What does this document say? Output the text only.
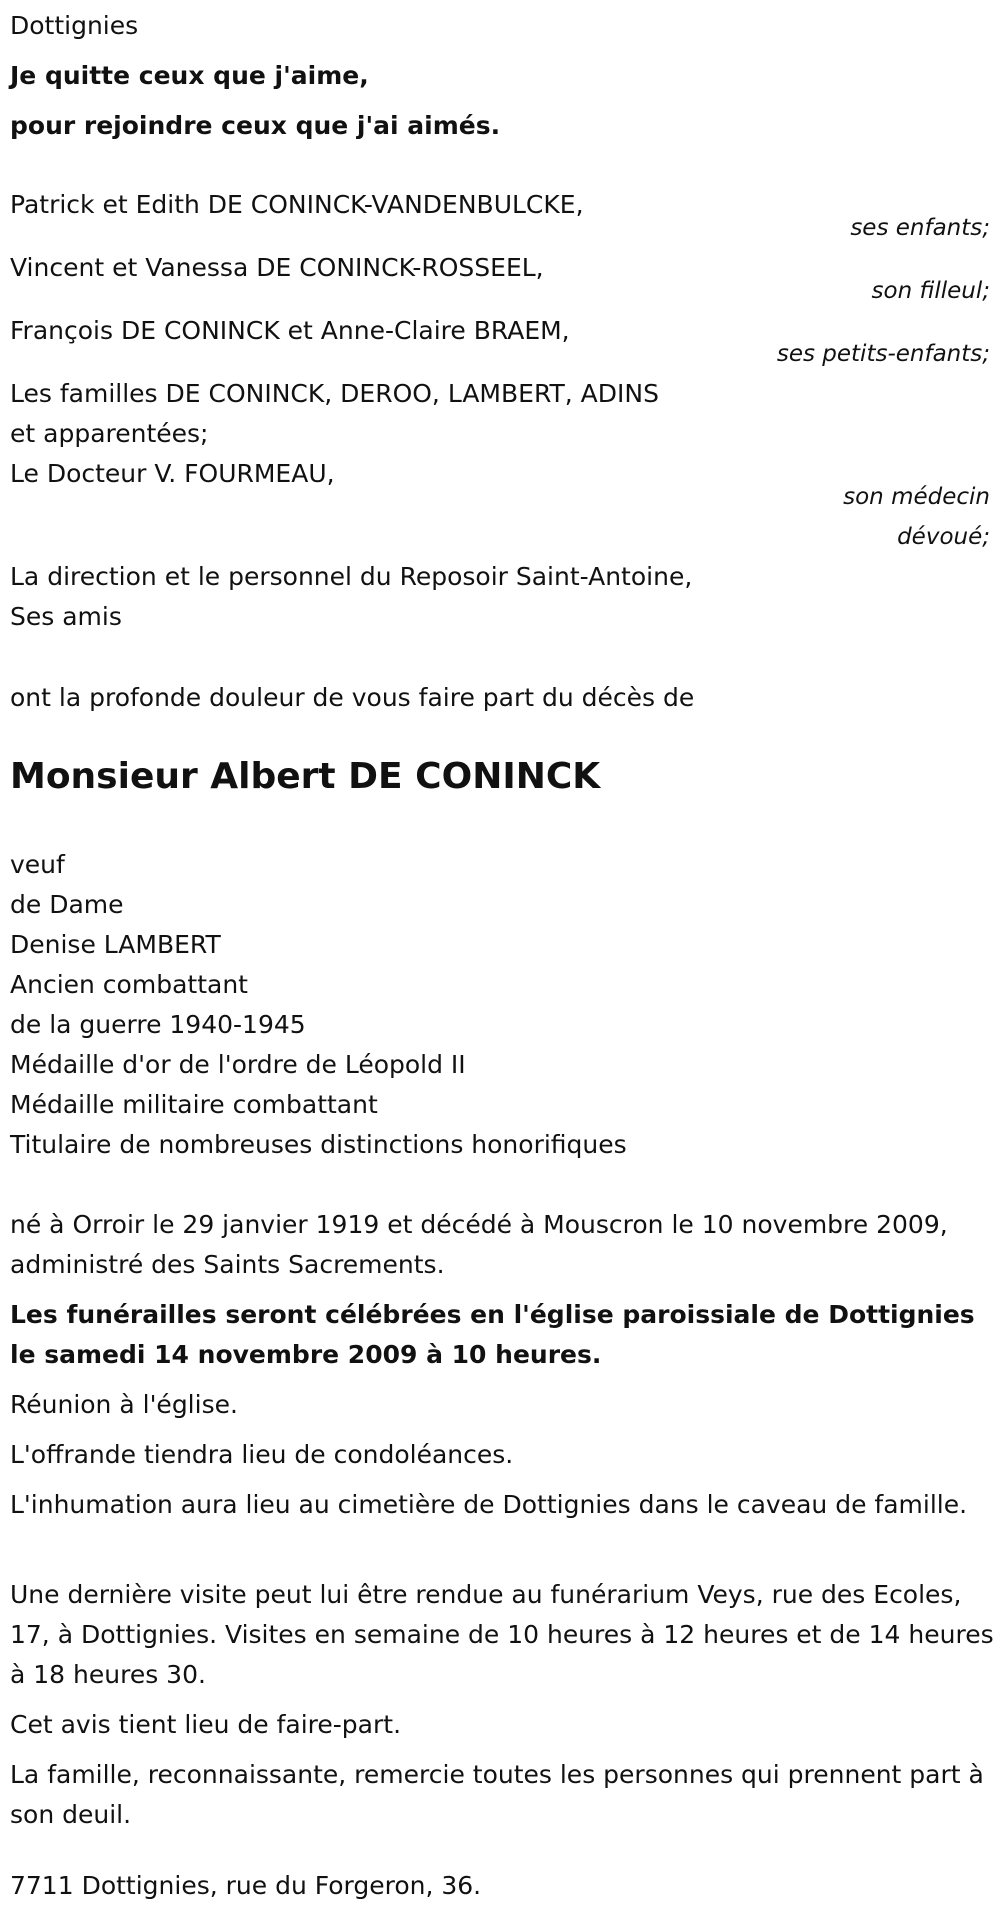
Dottignies

Je quitte ceux que j'aime,

pour rejoindre ceux que j'ai aimés.

Patrick et Edith DE CONINCK-VANDENBULCKE,

ses enfants;

Vincent et Vanessa DE CONINCK-ROSSEEL,

son filleul;

François DE CONINCK et Anne-Claire BRAEM,

ses petits-enfants;

Les familles DE CONINCK, DEROO, LAMBERT, ADINS

et apparentées;

Le Docteur V. FOURMEAU,

son médecin
dévoué;

La direction et le personnel du Reposoir Saint-Antoine,

Ses amis

ont la profonde douleur de vous faire part du décès de

Monsieur Albert DE CONINCK

veuf

de Dame

Denise LAMBERT

Ancien combattant

de la guerre 1940-1945

Médaille d'or de l'ordre de Léopold II

Médaille militaire combattant

Titulaire de nombreuses distinctions honorifiques

né à Orroir le 29 janvier 1919 et décédé à Mouscron le 10 novembre 2009, administré des Saints Sacrements.

Les funérailles seront célébrées en l'église paroissiale de Dottignies le samedi 14 novembre 2009 à 10 heures.

Réunion à l'église.

L'offrande tiendra lieu de condoléances.

L'inhumation aura lieu au cimetière de Dottignies dans le caveau de famille.

Une dernière visite peut lui être rendue au funérarium Veys, rue des Ecoles, 17, à Dottignies. Visites en semaine de 10 heures à 12 heures et de 14 heures à 18 heures 30.

Cet avis tient lieu de faire-part.

La famille, reconnaissante, remercie toutes les personnes qui prennent part à son deuil.

7711 Dottignies, rue du Forgeron, 36.
